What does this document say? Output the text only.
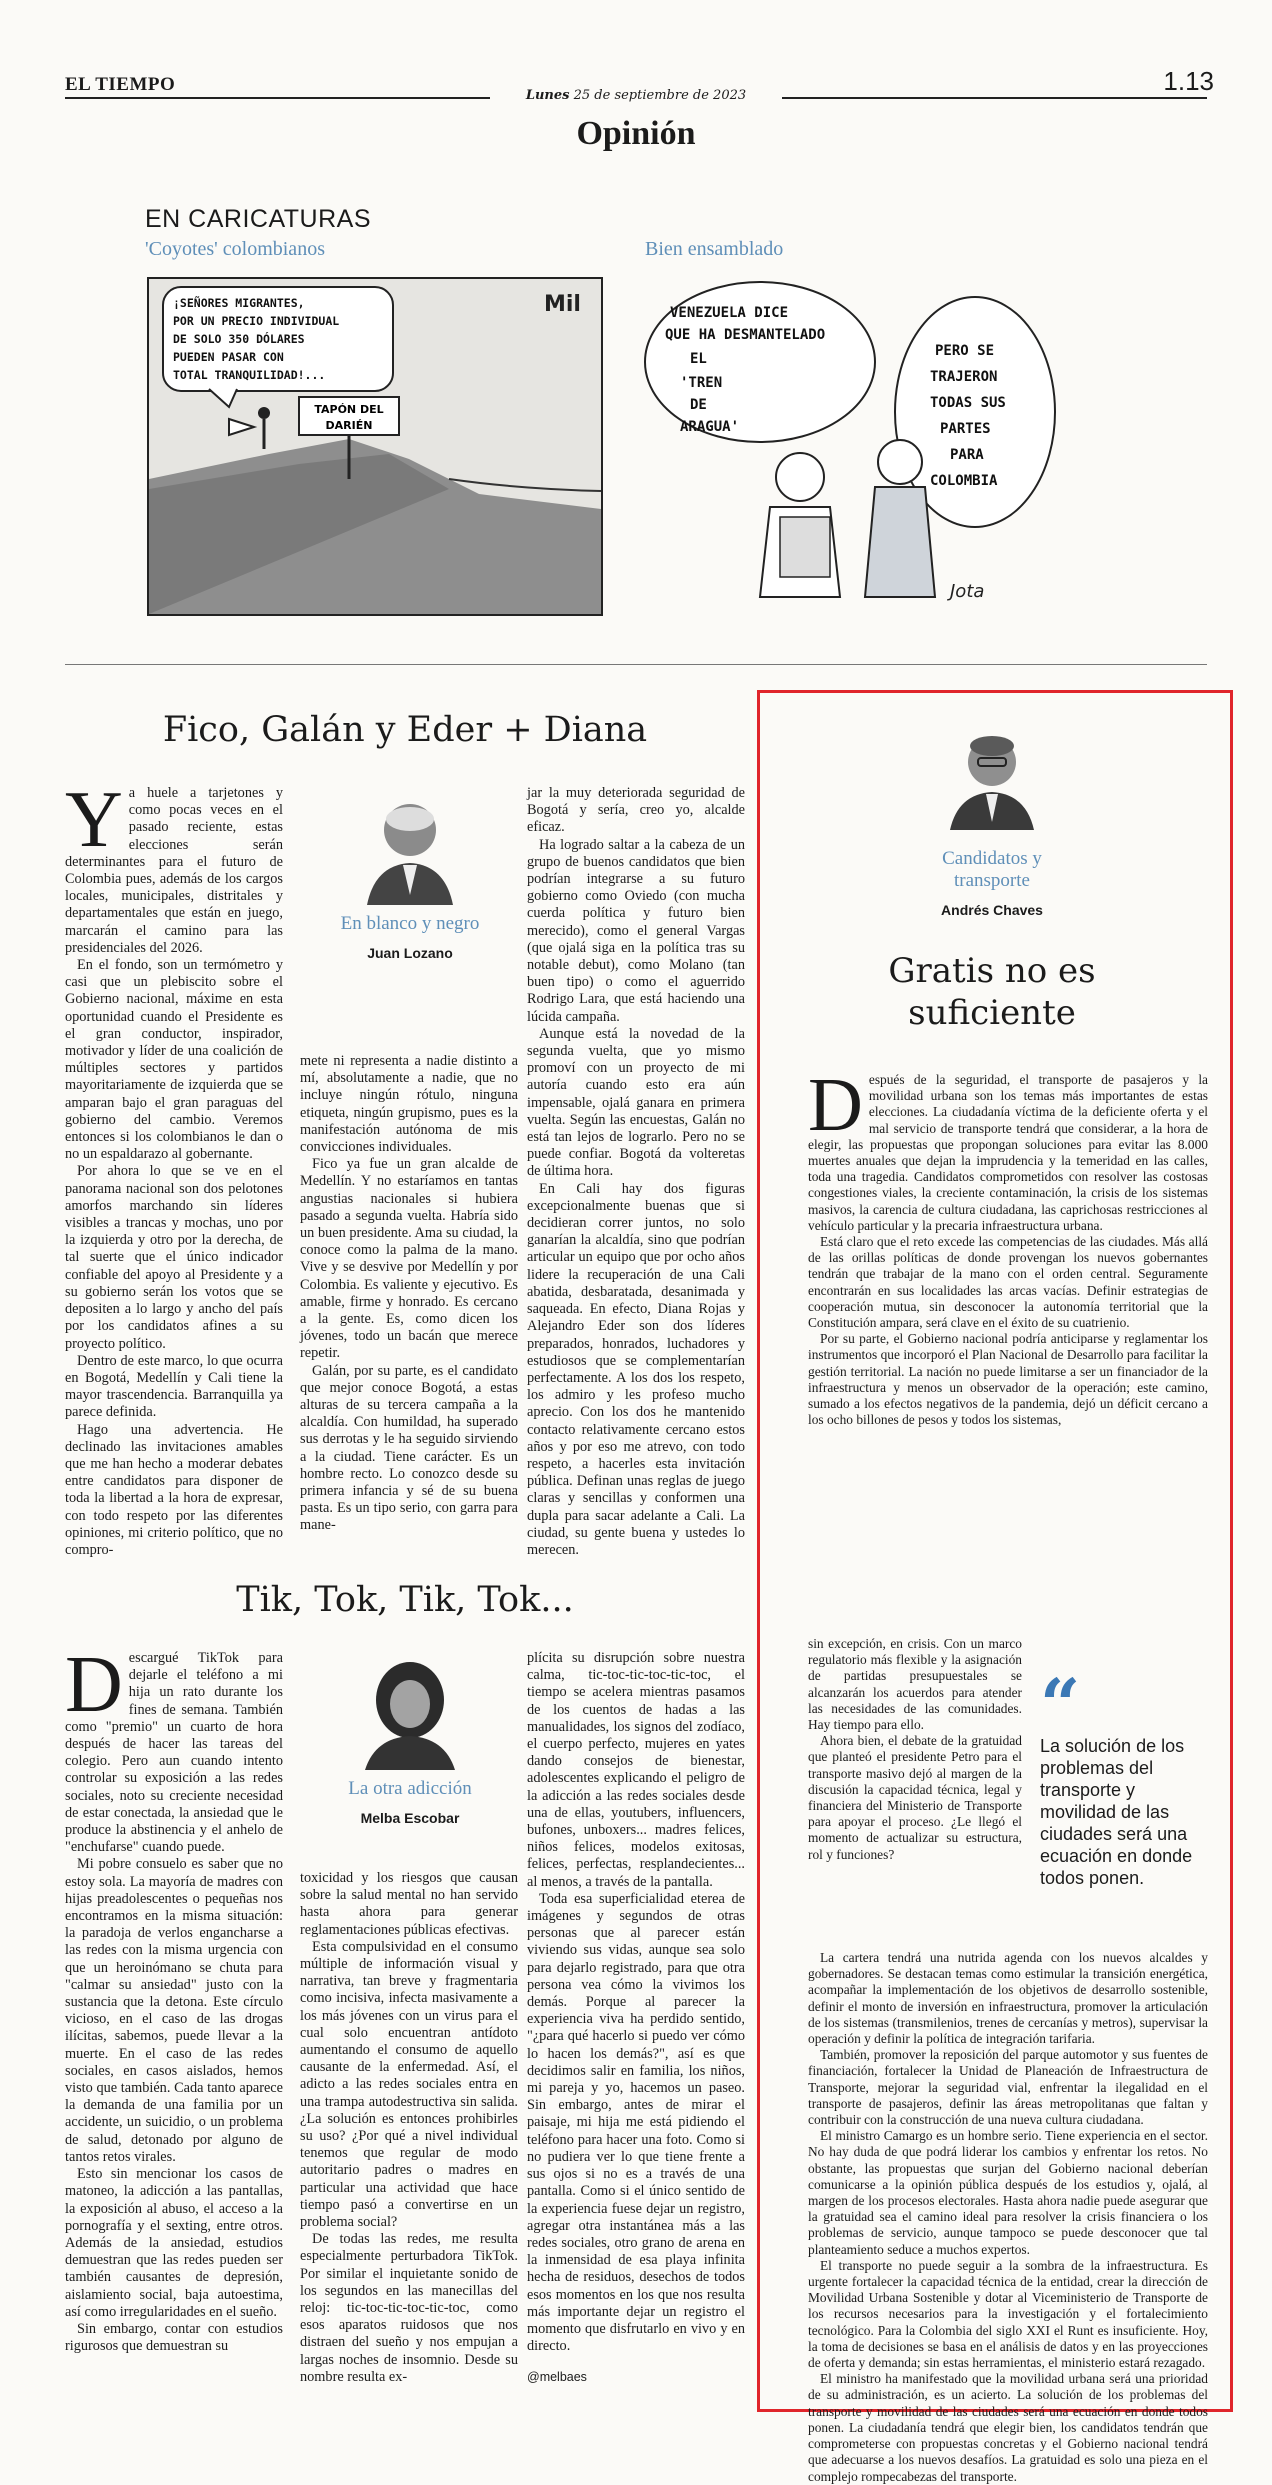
EL TIEMPO
Lunes 25 de septiembre de 2023	1.13
Opinión
EN CARICATURAS
'Coyotes' colombianos	Bien ensamblado
TAPÓN DEL
DARIÉN
¡SEÑORES MIGRANTES, POR UN PRECIO INDIVIDUAL DE SOLO 350 DÓLARES PUEDEN PASAR CON TOTAL TRANQUILIDAD!...
Mil	VENEZUELA DICE QUE HA DESMANTELADO EL 'TREN DE ARAGUA'
PERO SE TRAJERON TODAS SUS PARTES PARA COLOMBIA
Jota
Fico, Galán y Eder + Diana

Ya huele a tarjetones y como pocas veces en el pasado reciente, estas elecciones serán determinantes para el futuro de Colombia pues, además de los cargos locales, municipales, distritales y departamentales que están en juego, marcarán el camino para las presidenciales del 2026.

En el fondo, son un termómetro y casi que un plebiscito sobre el Gobierno nacional, máxime en esta oportunidad cuando el Presidente es el gran conductor, inspirador, motivador y líder de una coalición de múltiples sectores y partidos mayoritariamente de izquierda que se amparan bajo el gran paraguas del gobierno del cambio. Veremos entonces si los colombianos le dan o no un espaldarazo al gobernante.

Por ahora lo que se ve en el panorama nacional son dos pelotones amorfos marchando sin líderes visibles a trancas y mochas, uno por la izquierda y otro por la derecha, de tal suerte que el único indicador confiable del apoyo al Presidente y a su gobierno serán los votos que se depositen a lo largo y ancho del país por los candidatos afines a su proyecto político.

Dentro de este marco, lo que ocurra en Bogotá, Medellín y Cali tiene la mayor trascendencia. Barranquilla ya parece definida.

Hago una advertencia. He declinado las invitaciones amables que me han hecho a moderar debates entre candidatos para disponer de toda la libertad a la hora de expresar, con todo respeto por las diferentes opiniones, mi criterio político, que no compro-

En blanco y negro
Juan Lozano

mete ni representa a nadie distinto a mí, absolutamente a nadie, que no incluye ningún rótulo, ninguna etiqueta, ningún grupismo, pues es la manifestación autónoma de mis convicciones individuales.

Fico ya fue un gran alcalde de Medellín. Y no estaríamos en tantas angustias nacionales si hubiera pasado a segunda vuelta. Habría sido un buen presidente. Ama su ciudad, la conoce como la palma de la mano. Vive y se desvive por Medellín y por Colombia. Es valiente y ejecutivo. Es amable, firme y honrado. Es cercano a la gente. Es, como dicen los jóvenes, todo un bacán que merece repetir.

Galán, por su parte, es el candidato que mejor conoce Bogotá, a estas alturas de su tercera campaña a la alcaldía. Con humildad, ha superado sus derrotas y le ha seguido sirviendo a la ciudad. Tiene carácter. Es un hombre recto. Lo conozco desde su primera infancia y sé de su buena pasta. Es un tipo serio, con garra para mane-

jar la muy deteriorada seguridad de Bogotá y sería, creo yo, alcalde eficaz.

Ha logrado saltar a la cabeza de un grupo de buenos candidatos que bien podrían integrarse a su futuro gobierno como Oviedo (con mucha cuerda política y futuro bien merecido), como el general Vargas (que ojalá siga en la política tras su notable debut), como Molano (tan buen tipo) o como el aguerrido Rodrigo Lara, que está haciendo una lúcida campaña.

Aunque está la novedad de la segunda vuelta, que yo mismo promoví con un proyecto de mi autoría cuando esto era aún impensable, ojalá ganara en primera vuelta. Según las encuestas, Galán no está tan lejos de lograrlo. Pero no se puede confiar. Bogotá da volteretas de última hora.

En Cali hay dos figuras excepcionalmente buenas que si decidieran correr juntos, no solo ganarían la alcaldía, sino que podrían articular un equipo que por ocho años lidere la recuperación de una Cali abatida, desbaratada, desanimada y saqueada. En efecto, Diana Rojas y Alejandro Eder son dos líderes preparados, honrados, luchadores y estudiosos que se complementarían perfectamente. A los dos los respeto, los admiro y les profeso mucho aprecio. Con los dos he mantenido contacto relativamente cercano estos años y por eso me atrevo, con todo respeto, a hacerles esta invitación pública. Definan unas reglas de juego claras y sencillas y conformen una dupla para sacar adelante a Cali. La ciudad, su gente buena y ustedes lo merecen.

Tik, Tok, Tik, Tok...

Descargué TikTok para dejarle el teléfono a mi hija un rato durante los fines de semana. También como "premio" un cuarto de hora después de hacer las tareas del colegio. Pero aun cuando intento controlar su exposición a las redes sociales, noto su creciente necesidad de estar conectada, la ansiedad que le produce la abstinencia y el anhelo de "enchufarse" cuando puede.

Mi pobre consuelo es saber que no estoy sola. La mayoría de madres con hijas preadolescentes o pequeñas nos encontramos en la misma situación: la paradoja de verlos engancharse a las redes con la misma urgencia con que un heroinómano se chuta para "calmar su ansiedad" justo con la sustancia que la detona. Este círculo vicioso, en el caso de las drogas ilícitas, sabemos, puede llevar a la muerte. En el caso de las redes sociales, en casos aislados, hemos visto que también. Cada tanto aparece la demanda de una familia por un accidente, un suicidio, o un problema de salud, detonado por alguno de tantos retos virales.

Esto sin mencionar los casos de matoneo, la adicción a las pantallas, la exposición al abuso, el acceso a la pornografía y el sexting, entre otros. Además de la ansiedad, estudios demuestran que las redes pueden ser también causantes de depresión, aislamiento social, baja autoestima, así como irregularidades en el sueño.

Sin embargo, contar con estudios rigurosos que demuestran su

La otra adicción
Melba Escobar

toxicidad y los riesgos que causan sobre la salud mental no han servido hasta ahora para generar reglamentaciones públicas efectivas.

Esta compulsividad en el consumo múltiple de información visual y narrativa, tan breve y fragmentaria como incisiva, infecta masivamente a los más jóvenes con un virus para el cual solo encuentran antídoto aumentando el consumo de aquello causante de la enfermedad. Así, el adicto a las redes sociales entra en una trampa autodestructiva sin salida. ¿La solución es entonces prohibirles su uso? ¿Por qué a nivel individual tenemos que regular de modo autoritario padres o madres en particular una actividad que hace tiempo pasó a convertirse en un problema social?

De todas las redes, me resulta especialmente perturbadora TikTok. Por similar el inquietante sonido de los segundos en las manecillas del reloj: tic-toc-tic-toc-tic-toc, como esos aparatos ruidosos que nos distraen del sueño y nos empujan a largas noches de insomnio. Desde su nombre resulta ex-

plícita su disrupción sobre nuestra calma, tic-toc-tic-toc-tic-toc, el tiempo se acelera mientras pasamos de los cuentos de hadas a las manualidades, los signos del zodíaco, el cuerpo perfecto, mujeres en yates dando consejos de bienestar, adolescentes explicando el peligro de la adicción a las redes sociales desde una de ellas, youtubers, influencers, bufones, unboxers... madres felices, niños felices, modelos exitosas, felices, perfectas, resplandecientes... al menos, a través de la pantalla.

Toda esa superficialidad eterea de imágenes y segundos de otras personas que al parecer están viviendo sus vidas, aunque sea solo para dejarlo registrado, para que otra persona vea cómo la vivimos los demás. Porque al parecer la experiencia viva ha perdido sentido, "¿para qué hacerlo si puedo ver cómo lo hacen los demás?", así es que decidimos salir en familia, los niños, mi pareja y yo, hacemos un paseo. Sin embargo, antes de mirar el paisaje, mi hija me está pidiendo el teléfono para hacer una foto. Como si no pudiera ver lo que tiene frente a sus ojos si no es a través de una pantalla. Como si el único sentido de la experiencia fuese dejar un registro, agregar otra instantánea más a las redes sociales, otro grano de arena en la inmensidad de esa playa infinita hecha de residuos, desechos de todos esos momentos en los que nos resulta más importante dejar un registro el momento que disfrutarlo en vivo y en directo.

@melbaes
Candidatos y transporte
Andrés Chaves
Gratis no es
suficiente

Después de la seguridad, el transporte de pasajeros y la movilidad urbana son los temas más importantes de estas elecciones. La ciudadanía víctima de la deficiente oferta y el mal servicio de transporte tendrá que considerar, a la hora de elegir, las propuestas que propongan soluciones para evitar las 8.000 muertes anuales que dejan la imprudencia y la temeridad en las calles, toda una tragedia. Candidatos comprometidos con resolver las costosas congestiones viales, la creciente contaminación, la crisis de los sistemas masivos, la carencia de cultura ciudadana, las caprichosas restricciones al vehículo particular y la precaria infraestructura urbana.

Está claro que el reto excede las competencias de las ciudades. Más allá de las orillas políticas de donde provengan los nuevos gobernantes tendrán que trabajar de la mano con el orden central. Seguramente encontrarán en sus localidades las arcas vacías. Definir estrategias de cooperación mutua, sin desconocer la autonomía territorial que la Constitución ampara, será clave en el éxito de su cuatrienio.

Por su parte, el Gobierno nacional podría anticiparse y reglamentar los instrumentos que incorporó el Plan Nacional de Desarrollo para facilitar la gestión territorial. La nación no puede limitarse a ser un financiador de la infraestructura y menos un observador de la operación; este camino, sumado a los efectos negativos de la pandemia, dejó un déficit cercano a los ocho billones de pesos y todos los sistemas,

sin excepción, en crisis. Con un marco regulatorio más flexible y la asignación de partidas presupuestales se alcanzarán los acuerdos para atender las necesidades de las comunidades. Hay tiempo para ello.

Ahora bien, el debate de la gratuidad que planteó el presidente Petro para el transporte masivo dejó al margen de la discusión la capacidad técnica, legal y financiera del Ministerio de Transporte para apoyar el proceso. ¿Le llegó el momento de actualizar su estructura, rol y funciones?

“
La solución de los problemas del transporte y movilidad de las ciudades será una ecuación en donde todos ponen.

La cartera tendrá una nutrida agenda con los nuevos alcaldes y gobernadores. Se destacan temas como estimular la transición energética, acompañar la implementación de los objetivos de desarrollo sostenible, definir el monto de inversión en infraestructura, promover la articulación de los sistemas (transmilenios, trenes de cercanías y metros), supervisar la operación y definir la política de integración tarifaria.

También, promover la reposición del parque automotor y sus fuentes de financiación, fortalecer la Unidad de Planeación de Infraestructura de Transporte, mejorar la seguridad vial, enfrentar la ilegalidad en el transporte de pasajeros, definir las áreas metropolitanas que faltan y contribuir con la construcción de una nueva cultura ciudadana.

El ministro Camargo es un hombre serio. Tiene experiencia en el sector. No hay duda de que podrá liderar los cambios y enfrentar los retos. No obstante, las propuestas que surjan del Gobierno nacional deberían comunicarse a la opinión pública después de los estudios y, ojalá, al margen de los procesos electorales. Hasta ahora nadie puede asegurar que la gratuidad sea el camino ideal para resolver la crisis financiera o los problemas de servicio, aunque tampoco se puede desconocer que tal planteamiento seduce a muchos expertos.

El transporte no puede seguir a la sombra de la infraestructura. Es urgente fortalecer la capacidad técnica de la entidad, crear la dirección de Movilidad Urbana Sostenible y dotar al Viceministerio de Transporte de los recursos necesarios para la investigación y el fortalecimiento tecnológico. Para la Colombia del siglo XXI el Runt es insuficiente. Hoy, la toma de decisiones se basa en el análisis de datos y en las proyecciones de oferta y demanda; sin estas herramientas, el ministerio estará rezagado.

El ministro ha manifestado que la movilidad urbana será una prioridad de su administración, es un acierto. La solución de los problemas del transporte y movilidad de las ciudades será una ecuación en donde todos ponen. La ciudadanía tendrá que elegir bien, los candidatos tendrán que comprometerse con propuestas concretas y el Gobierno nacional tendrá que adecuarse a los nuevos desafíos. La gratuidad es solo una pieza en el complejo rompecabezas del transporte.
